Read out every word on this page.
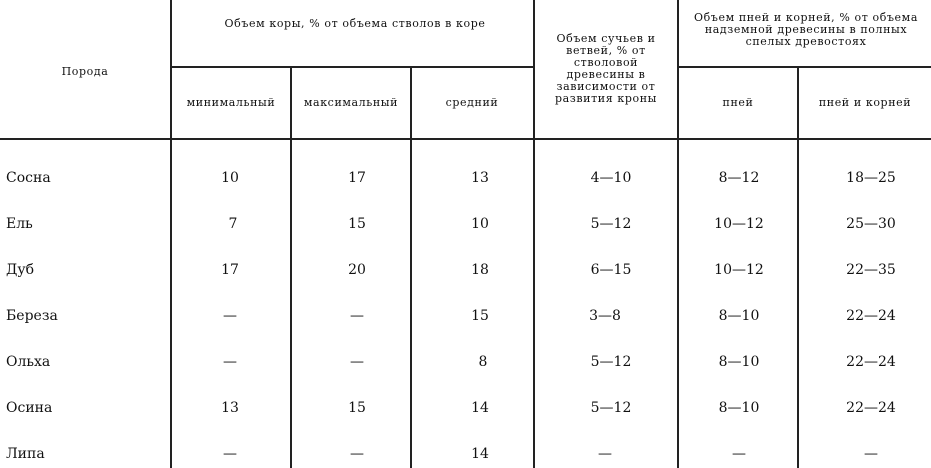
Порода
Объем коры, % от объема стволов в коре
минимальный	максимальный	средний
Объем сучьев и ветвей, % от стволовой древесины в зависимости от развития кроны
Объем пней и корней, % от объема надземной древесины в полных спелых древостоях
пней	пней и корней
Сосна	10	17	13	4—10	8—12	18—25
Ель	7	15	10	5—12	10—12	25—30
Дуб	17	20	18	6—15	10—12	22—35
Береза	—	—	15	3—8	8—10	22—24
Ольха	—	—	8	5—12	8—10	22—24
Осина	13	15	14	5—12	8—10	22—24
Липа	—	—	14	—	—	—
